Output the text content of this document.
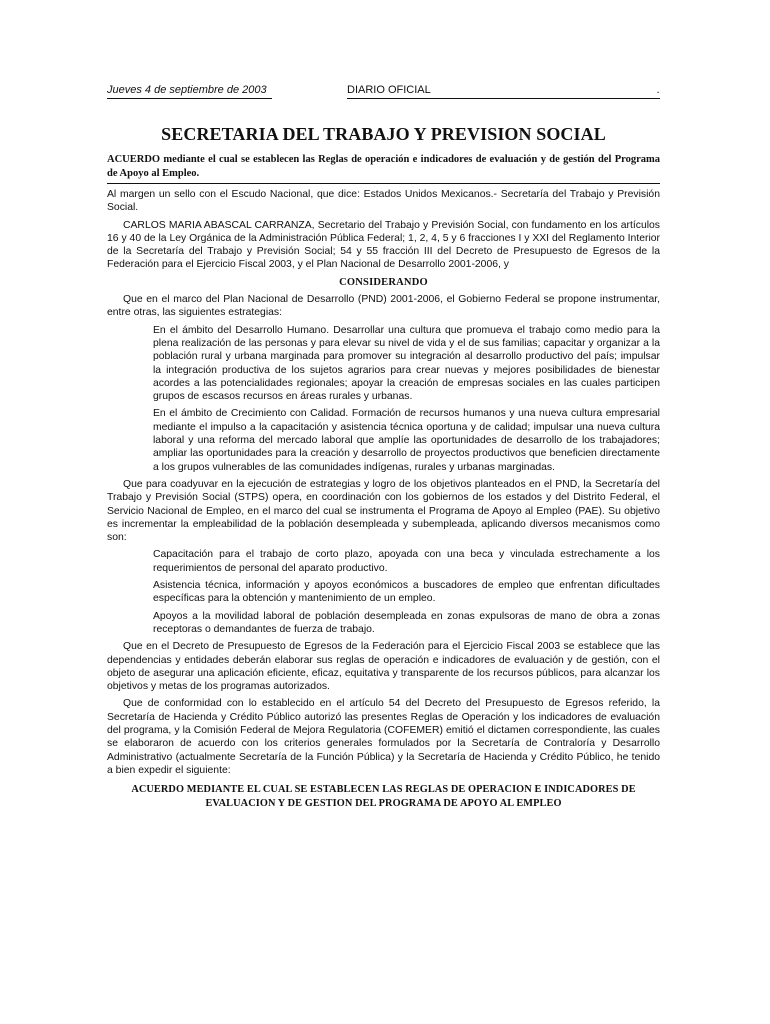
Jueves 4 de septiembre de 2003	DIARIO OFICIAL	.
SECRETARIA DEL TRABAJO Y PREVISION SOCIAL
ACUERDO mediante el cual se establecen las Reglas de operación e indicadores de evaluación y de gestión del Programa de Apoyo al Empleo.

Al margen un sello con el Escudo Nacional, que dice: Estados Unidos Mexicanos.- Secretaría del Trabajo y Previsión Social.

CARLOS MARIA ABASCAL CARRANZA, Secretario del Trabajo y Previsión Social, con fundamento en los artículos 16 y 40 de la Ley Orgánica de la Administración Pública Federal; 1, 2, 4, 5 y 6 fracciones I y XXI del Reglamento Interior de la Secretaría del Trabajo y Previsión Social; 54 y 55 fracción III del Decreto de Presupuesto de Egresos de la Federación para el Ejercicio Fiscal 2003, y el Plan Nacional de Desarrollo 2001-2006, y

CONSIDERANDO

Que en el marco del Plan Nacional de Desarrollo (PND) 2001-2006, el Gobierno Federal se propone instrumentar, entre otras, las siguientes estrategias:

En el ámbito del Desarrollo Humano. Desarrollar una cultura que promueva el trabajo como medio para la plena realización de las personas y para elevar su nivel de vida y el de sus familias; capacitar y organizar a la población rural y urbana marginada para promover su integración al desarrollo productivo del país; impulsar la integración productiva de los sujetos agrarios para crear nuevas y mejores posibilidades de bienestar acordes a las potencialidades regionales; apoyar la creación de empresas sociales en las cuales participen grupos de escasos recursos en áreas rurales y urbanas.

En el ámbito de Crecimiento con Calidad. Formación de recursos humanos y una nueva cultura empresarial mediante el impulso a la capacitación y asistencia técnica oportuna y de calidad; impulsar una nueva cultura laboral y una reforma del mercado laboral que amplíe las oportunidades de desarrollo de los trabajadores; ampliar las oportunidades para la creación y desarrollo de proyectos productivos que beneficien directamente a los grupos vulnerables de las comunidades indígenas, rurales y urbanas marginadas.

Que para coadyuvar en la ejecución de estrategias y logro de los objetivos planteados en el PND, la Secretaría del Trabajo y Previsión Social (STPS) opera, en coordinación con los gobiernos de los estados y del Distrito Federal, el Servicio Nacional de Empleo, en el marco del cual se instrumenta el Programa de Apoyo al Empleo (PAE). Su objetivo es incrementar la empleabilidad de la población desempleada y subempleada, aplicando diversos mecanismos como son:

Capacitación para el trabajo de corto plazo, apoyada con una beca y vinculada estrechamente a los requerimientos de personal del aparato productivo.

Asistencia técnica, información y apoyos económicos a buscadores de empleo que enfrentan dificultades específicas para la obtención y mantenimiento de un empleo.

Apoyos a la movilidad laboral de población desempleada en zonas expulsoras de mano de obra a zonas receptoras o demandantes de fuerza de trabajo.

Que en el Decreto de Presupuesto de Egresos de la Federación para el Ejercicio Fiscal 2003 se establece que las dependencias y entidades deberán elaborar sus reglas de operación e indicadores de evaluación y de gestión, con el objeto de asegurar una aplicación eficiente, eficaz, equitativa y transparente de los recursos públicos, para alcanzar los objetivos y metas de los programas autorizados.

Que de conformidad con lo establecido en el artículo 54 del Decreto del Presupuesto de Egresos referido, la Secretaría de Hacienda y Crédito Público autorizó las presentes Reglas de Operación y los indicadores de evaluación del programa, y la Comisión Federal de Mejora Regulatoria (COFEMER) emitió el dictamen correspondiente, las cuales se elaboraron de acuerdo con los criterios generales formulados por la Secretaría de Contraloría y Desarrollo Administrativo (actualmente Secretaría de la Función Pública) y la Secretaría de Hacienda y Crédito Público, he tenido a bien expedir el siguiente:

ACUERDO MEDIANTE EL CUAL SE ESTABLECEN LAS REGLAS DE OPERACION E INDICADORES DE EVALUACION Y DE GESTION DEL PROGRAMA DE APOYO AL EMPLEO
